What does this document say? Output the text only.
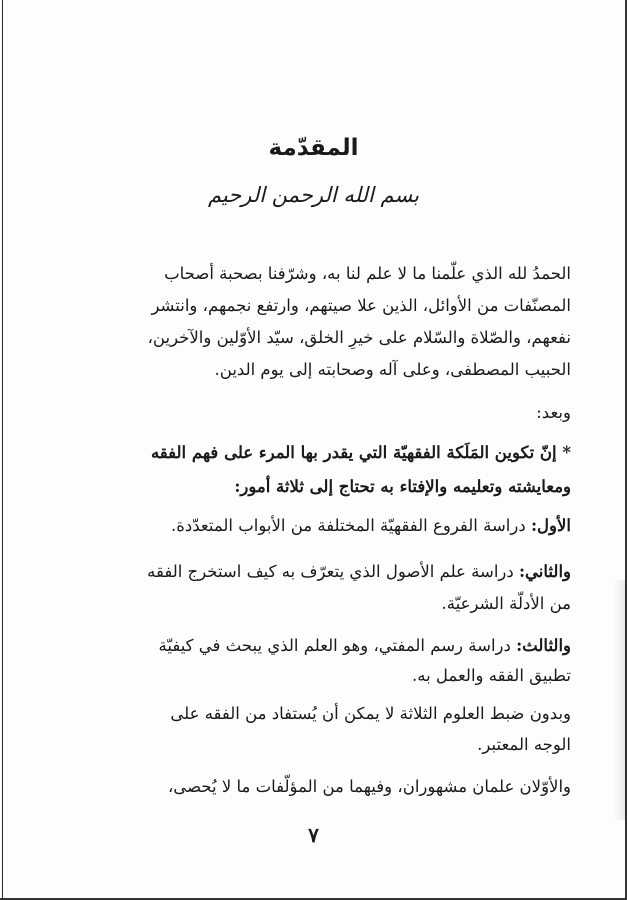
المقدّمة
بسم الله الرحمن الرحيم
الحمدُ لله الذي علّمنا ما لا علم لنا به، وشرّفنا بصحبة أصحاب
المصنّفات من الأوائل، الذين علا صيتهم، وارتفع نجمهم، وانتشر
نفعهم، والصّلاة والسّلام على خيرِ الخلق، سيّد الأوّلين والآخرين،
الحبيب المصطفى، وعلى آله وصحابته إلى يوم الدين.
وبعد:
* إنّ تكوين المَلَكة الفقهيّة التي يقدر بها المرء على فهم الفقه
ومعايشته وتعليمه والإفتاء به تحتاج إلى ثلاثة أمور:
الأول: دراسة الفروع الفقهيّة المختلفة من الأبواب المتعدّدة.
والثاني: دراسة علم الأصول الذي يتعرّف به كيف استخرج الفقه
من الأدلّة الشرعيّة.
والثالث: دراسة رسم المفتي، وهو العلم الذي يبحث في كيفيّة
تطبيق الفقه والعمل به.
وبدون ضبط العلوم الثلاثة لا يمكن أن يُستفاد من الفقه على
الوجه المعتبر.
والأوّلان علمان مشهوران، وفيهما من المؤلّفات ما لا يُحصى،
٧
